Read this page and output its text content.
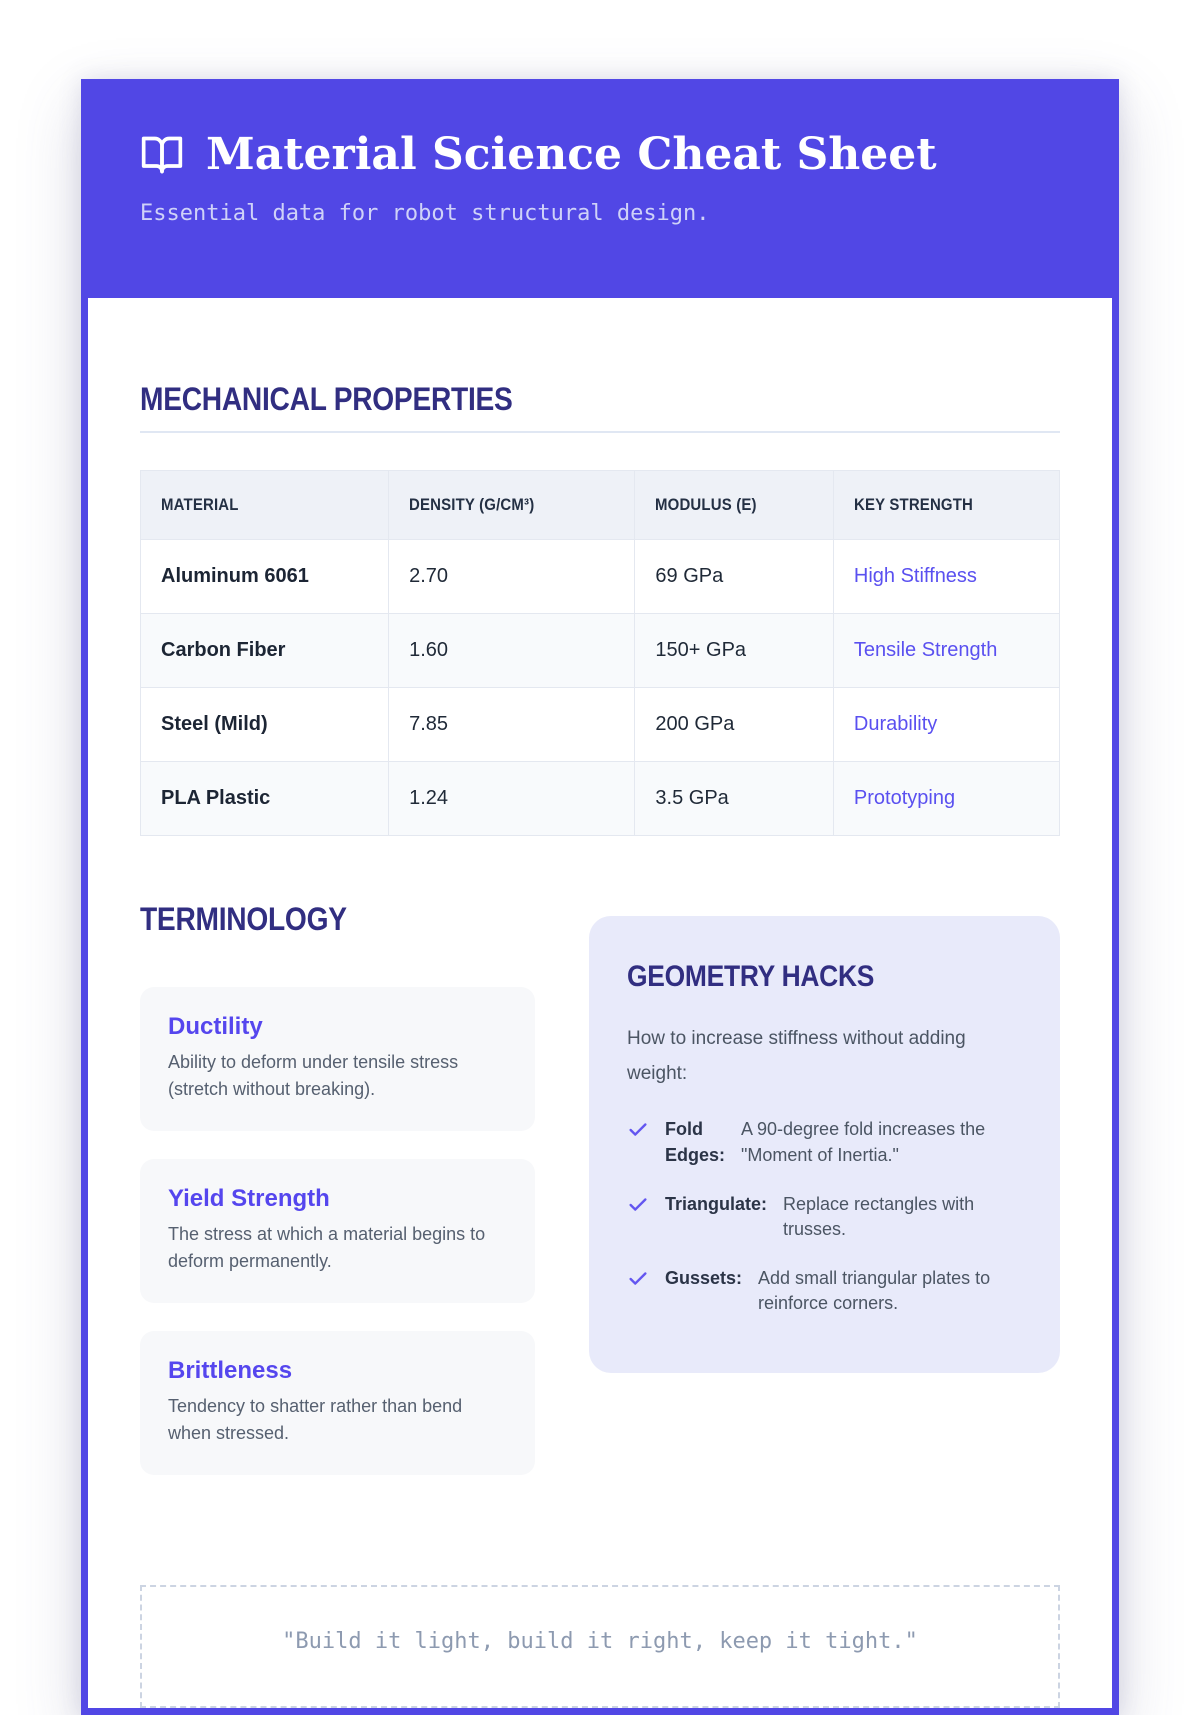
Material Science Cheat Sheet

Essential data for robot structural design.

MECHANICAL PROPERTIES
MATERIAL	DENSITY (G/CM³)	MODULUS (E)	KEY STRENGTH
Aluminum 6061	2.70	69 GPa	High Stiffness
Carbon Fiber	1.60	150+ GPa	Tensile Strength
Steel (Mild)	7.85	200 GPa	Durability
PLA Plastic	1.24	3.5 GPa	Prototyping
TERMINOLOGY
Ductility

Ability to deform under tensile stress (stretch without breaking).

Yield Strength

The stress at which a material begins to deform permanently.

Brittleness

Tendency to shatter rather than bend when stressed.

GEOMETRY HACKS

How to increase stiffness without adding weight:

Fold Edges:
A 90-degree fold increases the "Moment of Inertia."
Triangulate: Replace rectangles with trusses.
Gussets: Add small triangular plates to reinforce corners.

"Build it light, build it right, keep it tight."
